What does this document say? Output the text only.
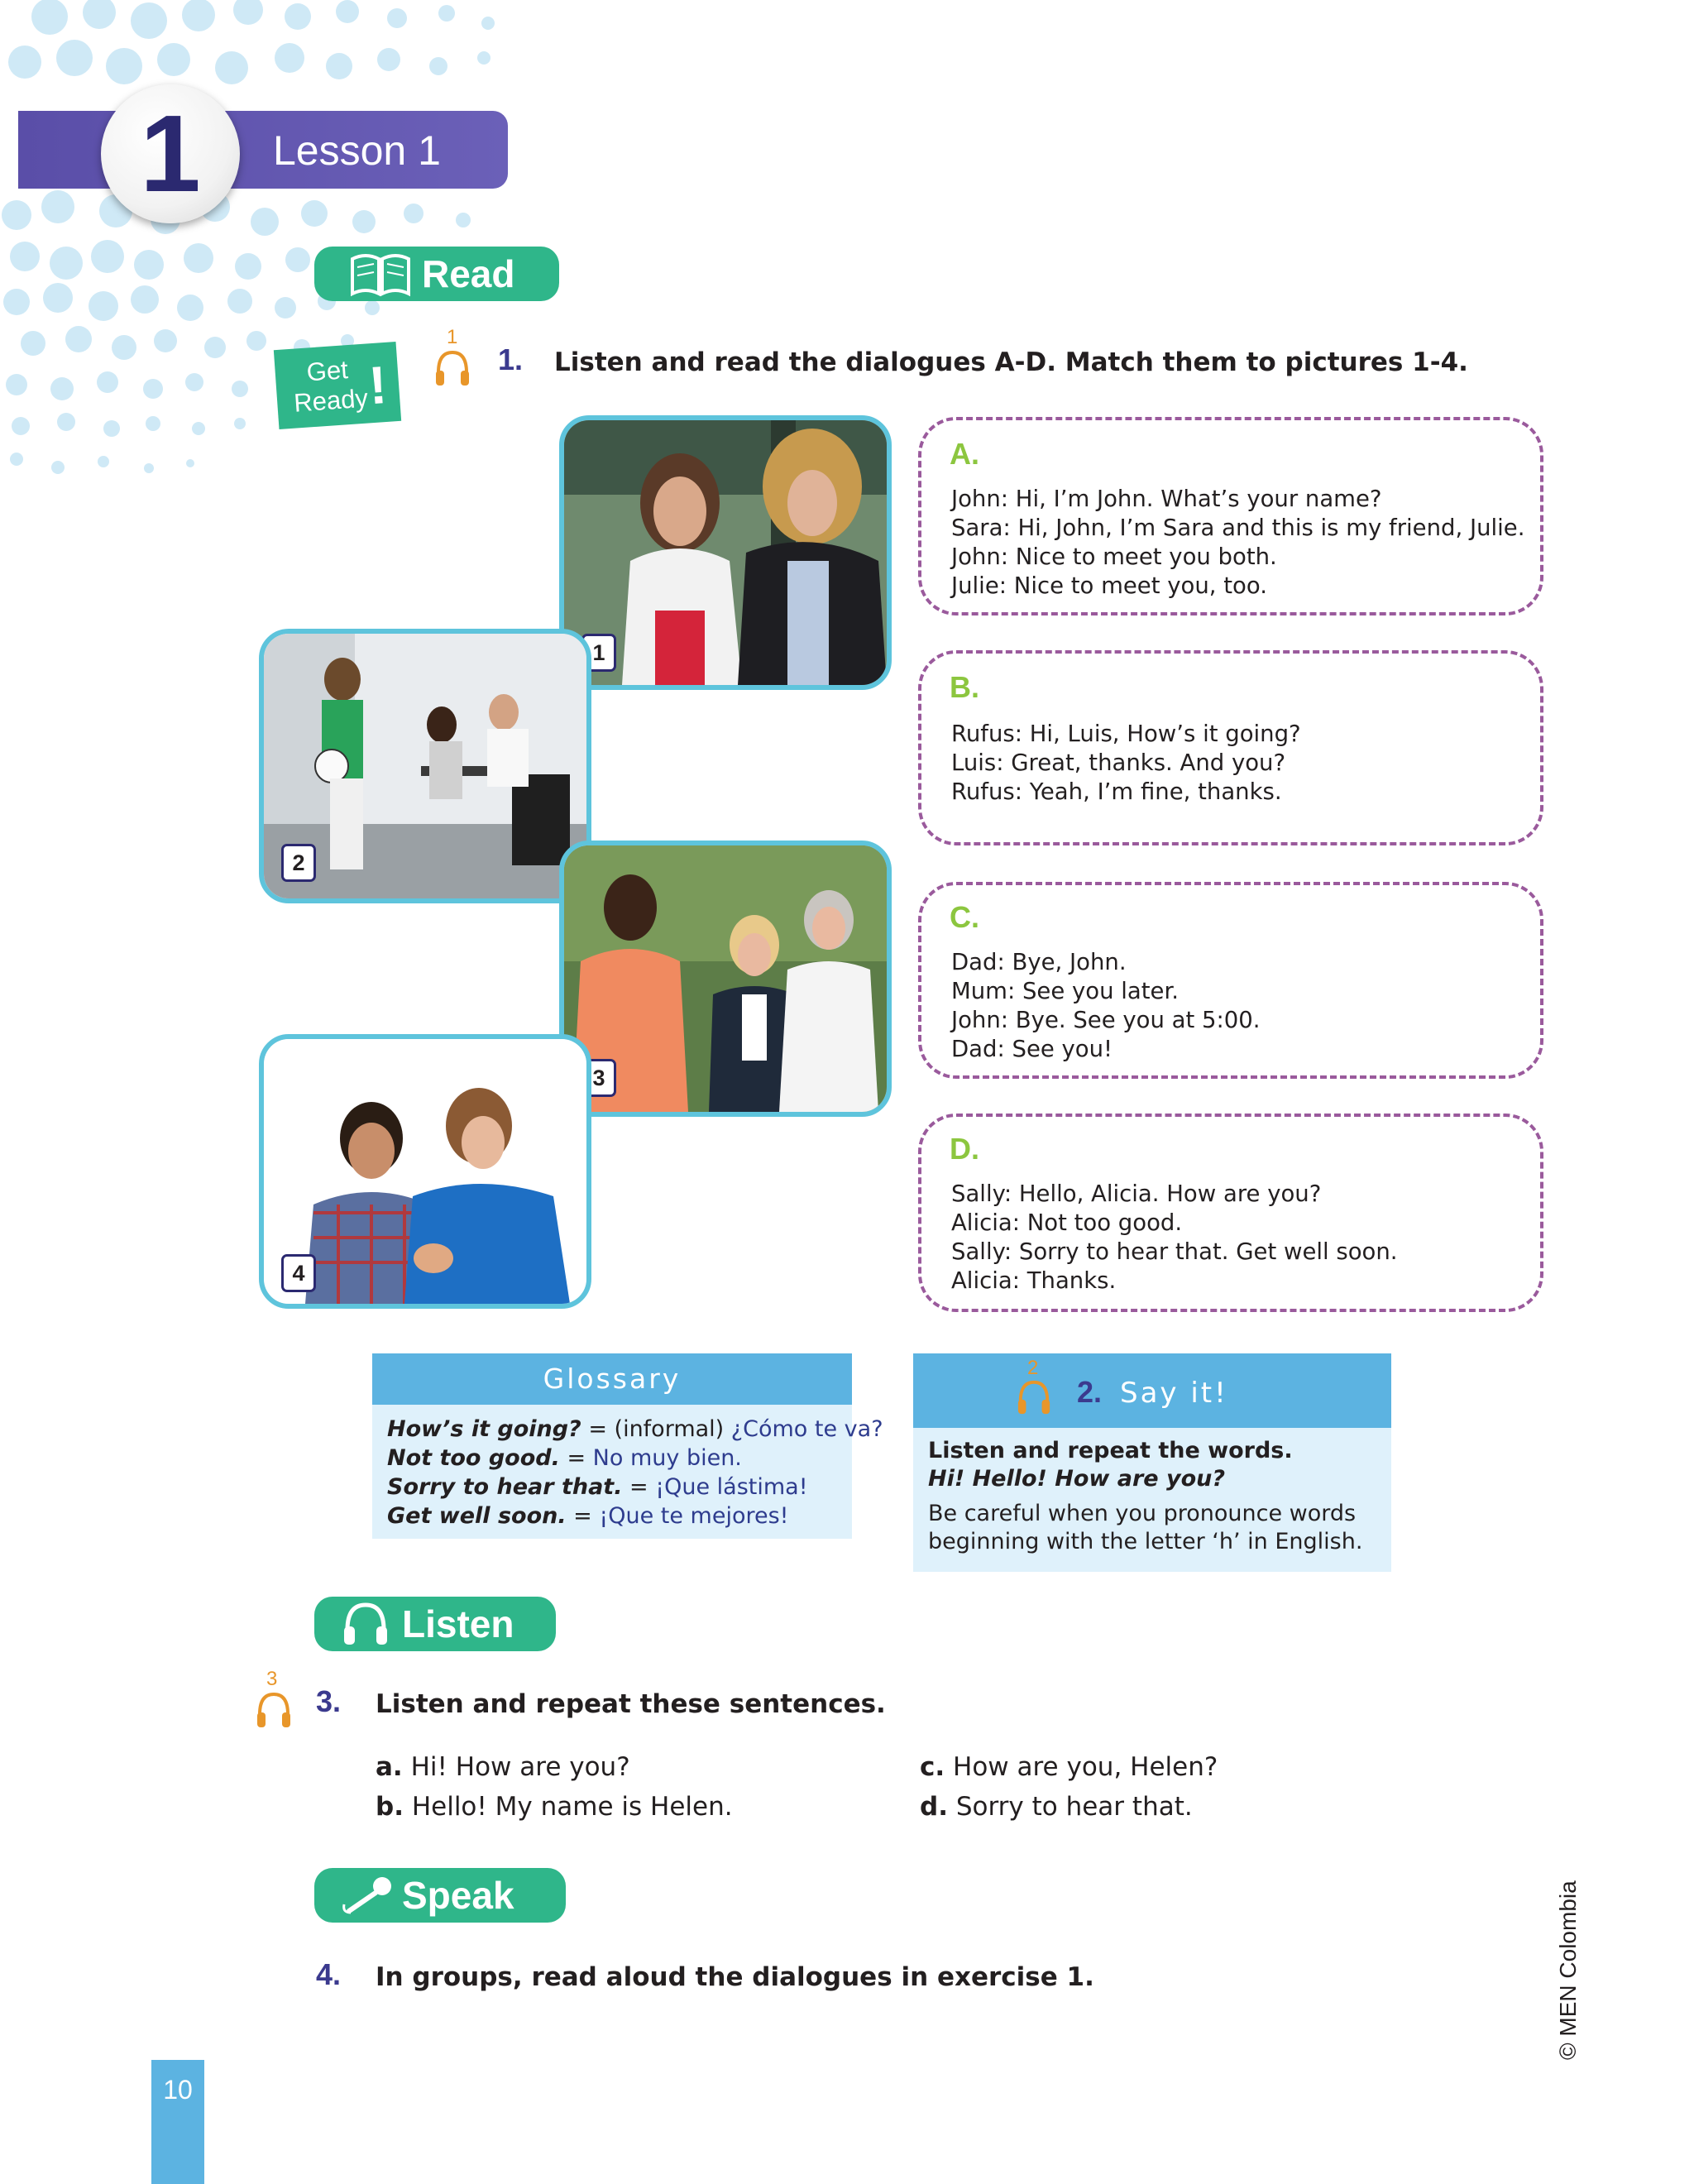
1	Lesson 1
Read
Get
Ready
!
1
1. Listen and read the dialogues A-D. Match them to pictures 1-4.
1
2
3
4
A.
John: Hi, I’m John. What’s your name?
Sara: Hi, John, I’m Sara and this is my friend, Julie.
John: Nice to meet you both.
Julie: Nice to meet you, too.
B.
Rufus: Hi, Luis, How’s it going?
Luis: Great, thanks. And you?
Rufus: Yeah, I’m fine, thanks.
C.
Dad: Bye, John.
Mum: See you later.
John: Bye. See you at 5:00.
Dad: See you!
D.
Sally: Hello, Alicia. How are you?
Alicia: Not too good.
Sally: Sorry to hear that. Get well soon.
Alicia: Thanks.
Glossary
How’s it going? = (informal) ¿Cómo te va?
Not too good. = No muy bien.
Sorry to hear that. = ¡Que lástima!
Get well soon. = ¡Que te mejores!
2
2. Say it!
Listen and repeat the words.
Hi! Hello! How are you?
Be careful when you pronounce words
beginning with the letter ‘h’ in English.
Listen
3
3. Listen and repeat these sentences.
a. Hi! How are you?
b. Hello! My name is Helen.
c. How are you, Helen?
d. Sorry to hear that.
Speak
4. In groups, read aloud the dialogues in exercise 1.
10
© MEN Colombia
